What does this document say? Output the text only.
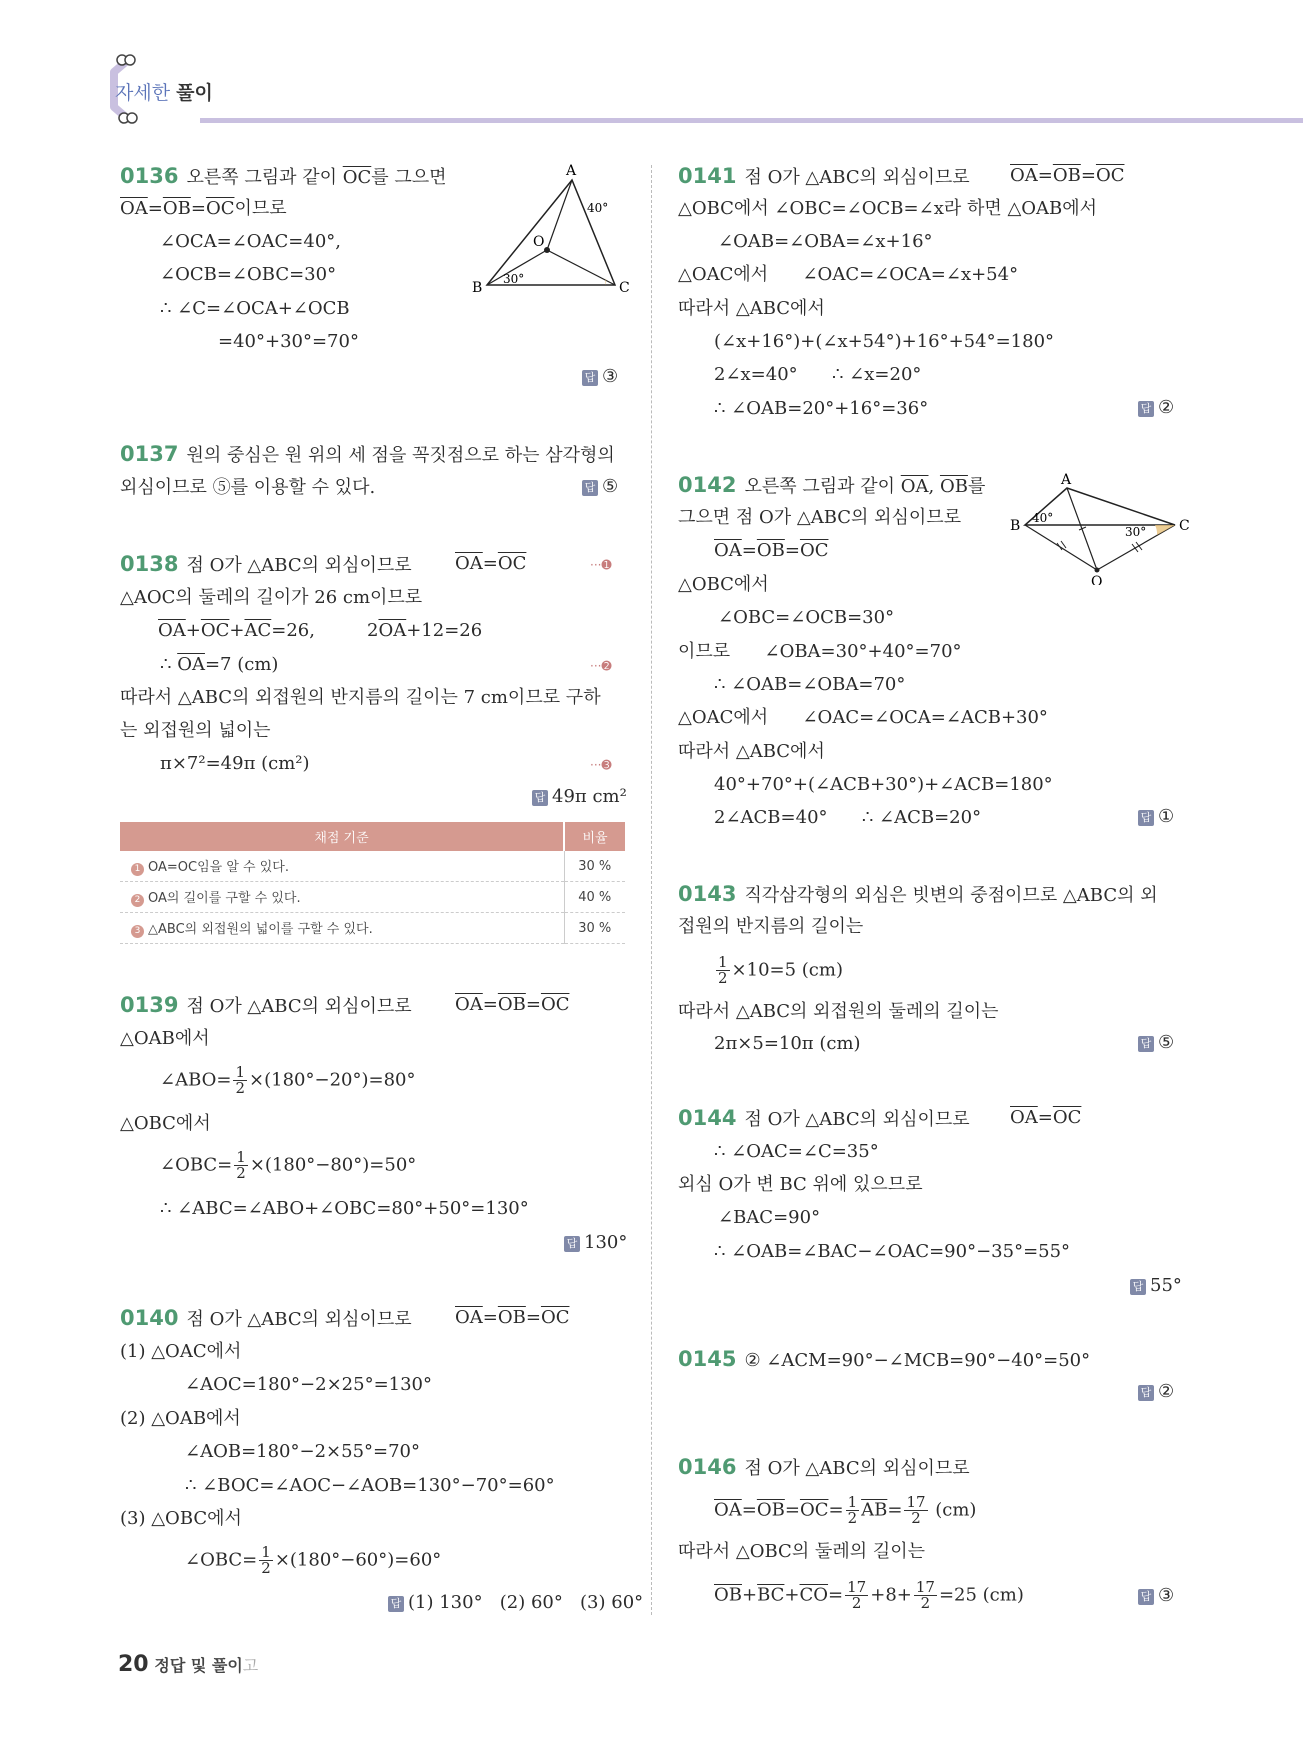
자세한 풀이
0136 오른쪽 그림과 같이 $\overline{OC}$를 그으면
$\overline{OA}=\overline{OB}=\overline{OC}$이므로
∠OCA=∠OAC=40°,
∠OCB=∠OBC=30°
∴ ∠C=∠OCA+∠OCB
=40°+30°=70°
답 ③
A
B	C
O
40°
30°
0137 원의 중심은 원 위의 세 점을 꼭짓점으로 하는 삼각형의
외심이므로 ⑤를 이용할 수 있다.	답 ⑤
0138 점 O가 △ABC의 외심이므로 $\overline{OA}=\overline{OC}$	···➊
△AOC의 둘레의 길이가 26 cm이므로
$\overline{OA}+\overline{OC}+\overline{AC}=26$,	$2\overline{OA}+12=26$
∴ $\overline{OA}=7$ (cm)	···➋
따라서 △ABC의 외접원의 반지름의 길이는 7 cm이므로 구하
는 외접원의 넓이는
π×7²=49π (cm²)	···➌
답 49π cm²
채점 기준	비율
1 OA=OC임을 알 수 있다.	30 %
2 OA의 길이를 구할 수 있다.	40 %
3 △ABC의 외접원의 넓이를 구할 수 있다.	30 %
0139 점 O가 △ABC의 외심이므로 $\overline{OA}=\overline{OB}=\overline{OC}$
△OAB에서
∠ABO= $\frac{1}{2} \times(180^\circ-20^\circ)=80^\circ$
△OBC에서
∠OBC= $\frac{1}{2} \times(180^\circ-80^\circ)=50^\circ$
∴ ∠ABC=∠ABO+∠OBC=80°+50°=130°
답 130°
0140 점 O가 △ABC의 외심이므로 $\overline{OA}=\overline{OB}=\overline{OC}$
(1) △OAC에서
∠AOC=180°−2×25°=130°
(2) △OAB에서
∠AOB=180°−2×55°=70°
∴ ∠BOC=∠AOC−∠AOB=130°−70°=60°
(3) △OBC에서
∠OBC= $\frac{1}{2} \times(180^\circ-60^\circ)=60^\circ$
답 (1) 130°   (2) 60°   (3) 60°
0141 점 O가 △ABC의 외심이므로 $\overline{OA}=\overline{OB}=\overline{OC}$
△OBC에서 ∠OBC=∠OCB=∠x라 하면 △OAB에서
∠OAB=∠OBA=∠x+16°
△OAC에서      ∠OAC=∠OCA=∠x+54°
따라서 △ABC에서
(∠x+16°)+(∠x+54°)+16°+54°=180°
2∠x=40°      ∴ ∠x=20°
∴ ∠OAB=20°+16°=36°	답 ②
0142 오른쪽 그림과 같이 $\overline{OA}$, $\overline{OB}$를
그으면 점 O가 △ABC의 외심이므로
$\overline{OA}=\overline{OB}=\overline{OC}$
△OBC에서
∠OBC=∠OCB=30°
이므로      ∠OBA=30°+40°=70°
∴ ∠OAB=∠OBA=70°
△OAC에서      ∠OAC=∠OCA=∠ACB+30°
따라서 △ABC에서
40°+70°+(∠ACB+30°)+∠ACB=180°
2∠ACB=40°      ∴ ∠ACB=20°	답 ①
A
B	C
O
40°
30°
0143 직각삼각형의 외심은 빗변의 중점이므로 △ABC의 외
접원의 반지름의 길이는
$\frac{1}{2} \times 10=5$ (cm)
따라서 △ABC의 외접원의 둘레의 길이는
2π×5=10π (cm)	답 ⑤
0144 점 O가 △ABC의 외심이므로 $\overline{OA}=\overline{OC}$
∴ ∠OAC=∠C=35°
외심 O가 변 BC 위에 있으므로
∠BAC=90°
∴ ∠OAB=∠BAC−∠OAC=90°−35°=55°
답 55°
0145 ② ∠ACM=90°−∠MCB=90°−40°=50°
답 ②
0146 점 O가 △ABC의 외심이므로
$\overline{OA}=\overline{OB}=\overline{OC}= \frac{1}{2} \overline{AB}= \frac{17}{2} (cm)$
따라서 △OBC의 둘레의 길이는
$\overline{OB}+\overline{BC}+\overline{CO}= \frac{17}{2} +8+ \frac{17}{2} =25$ (cm)	답 ③
20 정답 및 풀이고
